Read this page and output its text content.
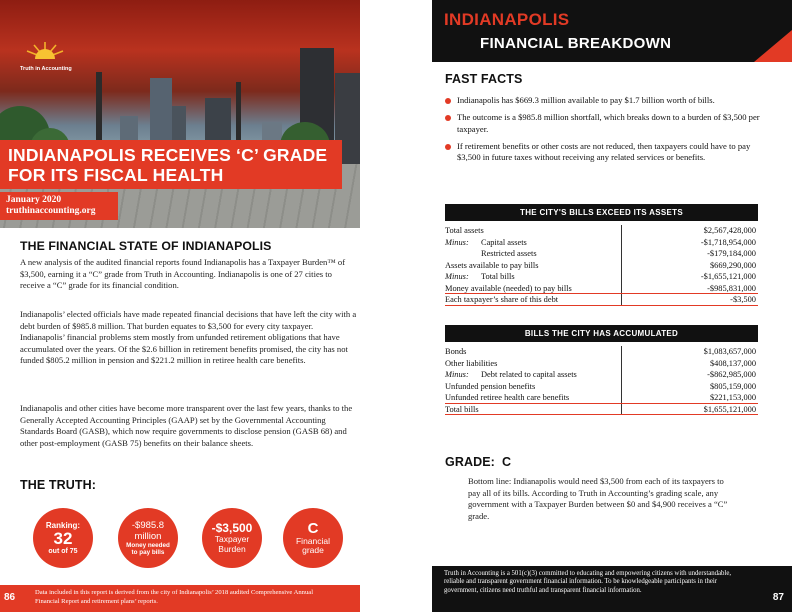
Truth in Accounting
INDIANAPOLIS RECEIVES ‘C’ GRADE FOR ITS FISCAL HEALTH
January 2020
truthinaccounting.org
THE FINANCIAL STATE OF INDIANAPOLIS
A new analysis of the audited financial reports found Indianapolis has a Taxpayer Burden™ of $3,500, earning it a “C” grade from Truth in Accounting. Indianapolis is one of 27 cities to receive a “C” grade for its financial condition.
Indianapolis’ elected officials have made repeated financial decisions that have left the city with a debt burden of $985.8 million. That burden equates to $3,500 for every city taxpayer. Indianapolis’ financial problems stem mostly from unfunded retirement obligations that have accumulated over the years. Of the $2.6 billion in retirement benefits promised, the city has not funded $805.2 million in pension and $221.2 million in retiree health care benefits.
Indianapolis and other cities have become more transparent over the last few years, thanks to the Generally Accepted Accounting Principles (GAAP) set by the Governmental Accounting Standards Board (GASB), which now require governments to disclose pension (GASB 68) and other post-employment (GASB 75) benefits on their balance sheets.
THE TRUTH:
Ranking:
32
out of 75
-$985.8
million
Money needed to pay bills
-$3,500
Taxpayer Burden
C
Financial grade
86	Data included in this report is derived from the city of Indianapolis’ 2018 audited Comprehensive Annual Financial Report and retirement plans’ reports.
INDIANAPOLIS
FINANCIAL BREAKDOWN
FAST FACTS
Indianapolis has $669.3 million available to pay $1.7 billion worth of bills.
The outcome is a $985.8 million shortfall, which breaks down to a burden of $3,500 per taxpayer.
If retirement benefits or other costs are not reduced, then taxpayers could have to pay $3,500 in future taxes without receiving any related services or benefits.
THE CITY'S BILLS EXCEED ITS ASSETS
Total assets	$2,567,428,000
Minus: Capital assets	-$1,718,954,000
Restricted assets	-$179,184,000
Assets available to pay bills	$669,290,000
Minus: Total bills	-$1,655,121,000
Money available (needed) to pay bills	-$985,831,000
Each taxpayer’s share of this debt	-$3,500
BILLS THE CITY HAS ACCUMULATED
Bonds	$1,083,657,000
Other liabilities	$408,137,000
Minus: Debt related to capital assets	-$862,985,000
Unfunded pension benefits	$805,159,000
Unfunded retiree health care benefits	$221,153,000
Total bills	$1,655,121,000
GRADE:  C
Bottom line: Indianapolis would need $3,500 from each of its taxpayers to pay all of its bills. According to Truth in Accounting’s grading scale, any government with a Taxpayer Burden between $0 and $4,900 receives a “C” grade.
Truth in Accounting is a 501(c)(3) committed to educating and empowering citizens with understandable, reliable and transparent government financial information. To be knowledgeable participants in their government, citizens need truthful and transparent financial information.
87
